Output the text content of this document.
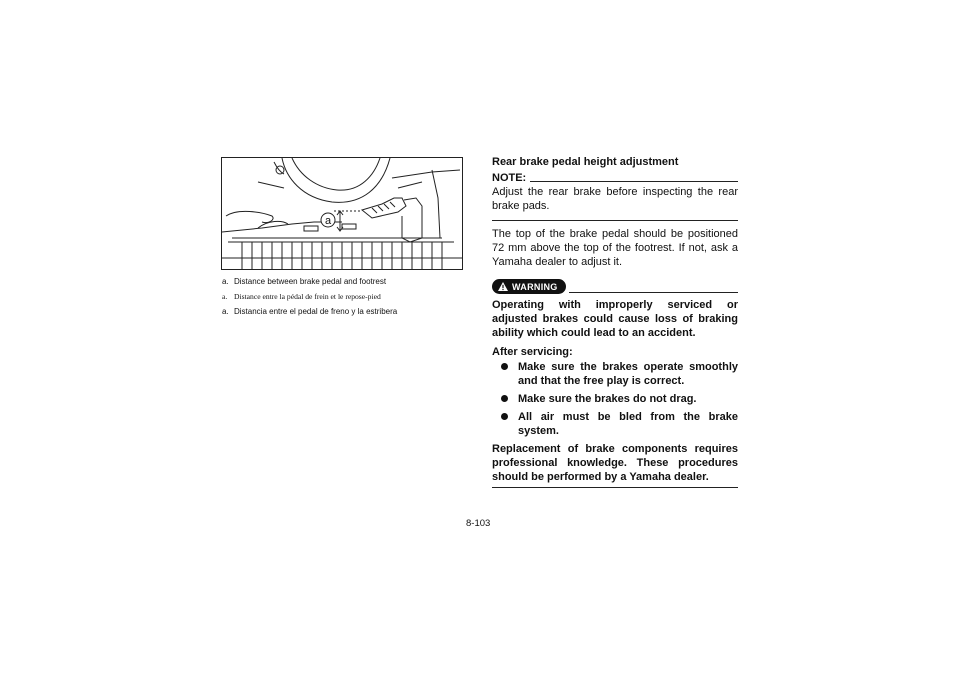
a
a. Distance between brake pedal and footrest
a. Distance entre la pédal de frein et le repose-pied
a. Distancia entre el pedal de freno y la estribera

Rear brake pedal height adjustment

NOTE:

Adjust the rear brake before inspecting the rear brake pads.

The top of the brake pedal should be positioned 72 mm above the top of the footrest. If not, ask a Yamaha dealer to adjust it.

WARNING

Operating with improperly serviced or adjusted brakes could cause loss of braking ability which could lead to an accident.

After servicing:

Make sure the brakes operate smoothly and that the free play is correct.
Make sure the brakes do not drag.
All air must be bled from the brake system.

Replacement of brake components requires professional knowledge. These procedures should be performed by a Yamaha dealer.

8-103
